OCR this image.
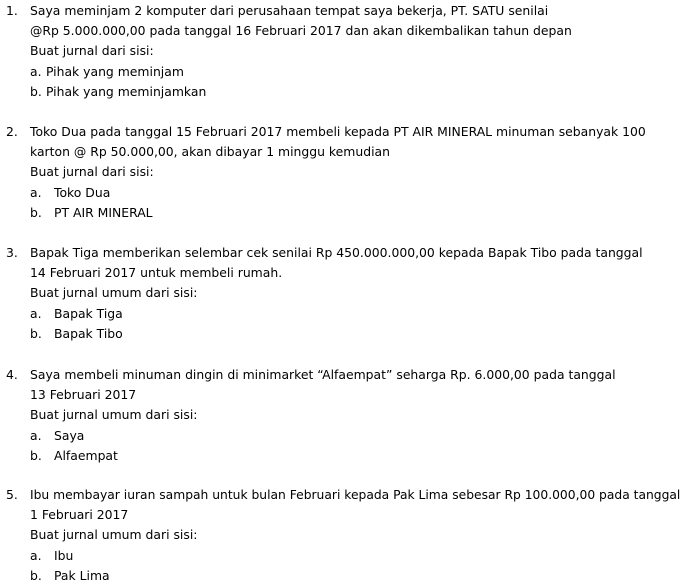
1. Saya meminjam 2 komputer dari perusahaan tempat saya bekerja, PT. SATU senilai
@Rp 5.000.000,00 pada tanggal 16 Februari 2017 dan akan dikembalikan tahun depan
Buat jurnal dari sisi:
a. Pihak yang meminjam
b. Pihak yang meminjamkan
2. Toko Dua pada tanggal 15 Februari 2017 membeli kepada PT AIR MINERAL minuman sebanyak 100
karton @ Rp 50.000,00, akan dibayar 1 minggu kemudian
Buat jurnal dari sisi:
a. Toko Dua
b. PT AIR MINERAL
3. Bapak Tiga memberikan selembar cek senilai Rp 450.000.000,00 kepada Bapak Tibo pada tanggal
14 Februari 2017 untuk membeli rumah.
Buat jurnal umum dari sisi:
a. Bapak Tiga
b. Bapak Tibo
4. Saya membeli minuman dingin di minimarket “Alfaempat” seharga Rp. 6.000,00 pada tanggal
13 Februari 2017
Buat jurnal umum dari sisi:
a. Saya
b. Alfaempat
5. Ibu membayar iuran sampah untuk bulan Februari kepada Pak Lima sebesar Rp 100.000,00 pada tanggal
1 Februari 2017
Buat jurnal umum dari sisi:
a. Ibu
b. Pak Lima
